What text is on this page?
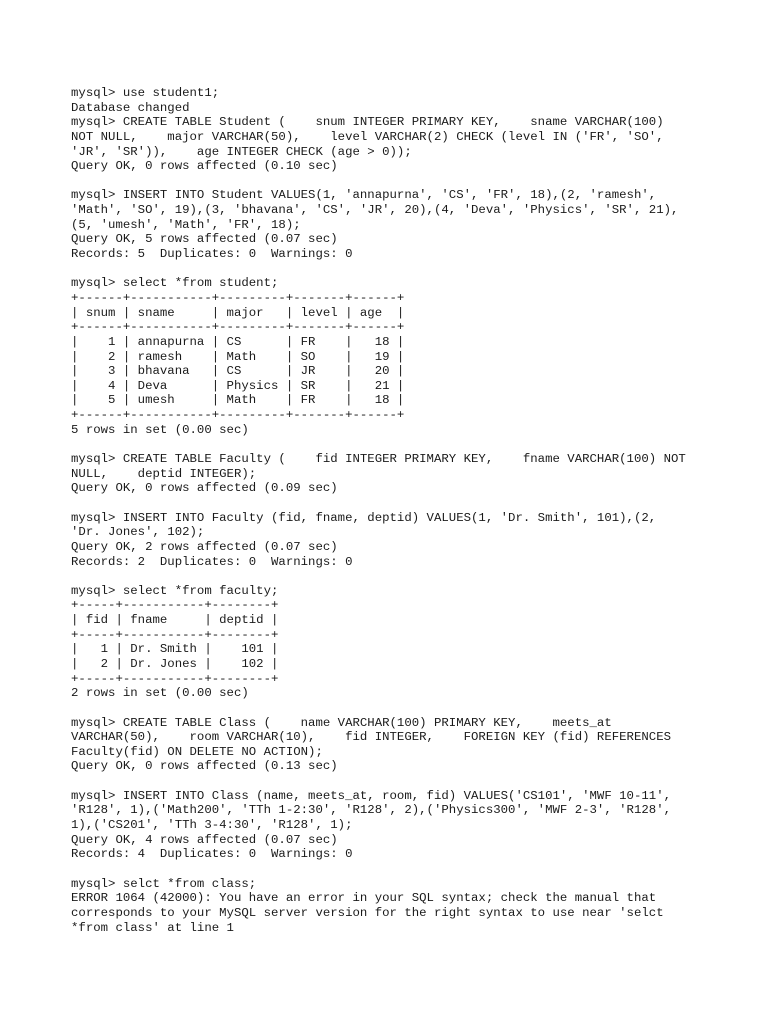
mysql> use student1;
Database changed
mysql> CREATE TABLE Student (    snum INTEGER PRIMARY KEY,    sname VARCHAR(100)
NOT NULL,    major VARCHAR(50),    level VARCHAR(2) CHECK (level IN ('FR', 'SO',
'JR', 'SR')),    age INTEGER CHECK (age > 0));
Query OK, 0 rows affected (0.10 sec)
mysql> INSERT INTO Student VALUES(1, 'annapurna', 'CS', 'FR', 18),(2, 'ramesh',
'Math', 'SO', 19),(3, 'bhavana', 'CS', 'JR', 20),(4, 'Deva', 'Physics', 'SR', 21),
(5, 'umesh', 'Math', 'FR', 18);
Query OK, 5 rows affected (0.07 sec)
Records: 5  Duplicates: 0  Warnings: 0
mysql> select *from student;
+------+-----------+---------+-------+------+
| snum | sname     | major   | level | age  |
+------+-----------+---------+-------+------+
|    1 | annapurna | CS      | FR    |   18 |
|    2 | ramesh    | Math    | SO    |   19 |
|    3 | bhavana   | CS      | JR    |   20 |
|    4 | Deva      | Physics | SR    |   21 |
|    5 | umesh     | Math    | FR    |   18 |
+------+-----------+---------+-------+------+
5 rows in set (0.00 sec)
mysql> CREATE TABLE Faculty (    fid INTEGER PRIMARY KEY,    fname VARCHAR(100) NOT
NULL,    deptid INTEGER);
Query OK, 0 rows affected (0.09 sec)
mysql> INSERT INTO Faculty (fid, fname, deptid) VALUES(1, 'Dr. Smith', 101),(2,
'Dr. Jones', 102);
Query OK, 2 rows affected (0.07 sec)
Records: 2  Duplicates: 0  Warnings: 0
mysql> select *from faculty;
+-----+-----------+--------+
| fid | fname     | deptid |
+-----+-----------+--------+
|   1 | Dr. Smith |    101 |
|   2 | Dr. Jones |    102 |
+-----+-----------+--------+
2 rows in set (0.00 sec)
mysql> CREATE TABLE Class (    name VARCHAR(100) PRIMARY KEY,    meets_at
VARCHAR(50),    room VARCHAR(10),    fid INTEGER,    FOREIGN KEY (fid) REFERENCES
Faculty(fid) ON DELETE NO ACTION);
Query OK, 0 rows affected (0.13 sec)
mysql> INSERT INTO Class (name, meets_at, room, fid) VALUES('CS101', 'MWF 10-11',
'R128', 1),('Math200', 'TTh 1-2:30', 'R128', 2),('Physics300', 'MWF 2-3', 'R128',
1),('CS201', 'TTh 3-4:30', 'R128', 1);
Query OK, 4 rows affected (0.07 sec)
Records: 4  Duplicates: 0  Warnings: 0
mysql> selct *from class;
ERROR 1064 (42000): You have an error in your SQL syntax; check the manual that
corresponds to your MySQL server version for the right syntax to use near 'selct
*from class' at line 1
